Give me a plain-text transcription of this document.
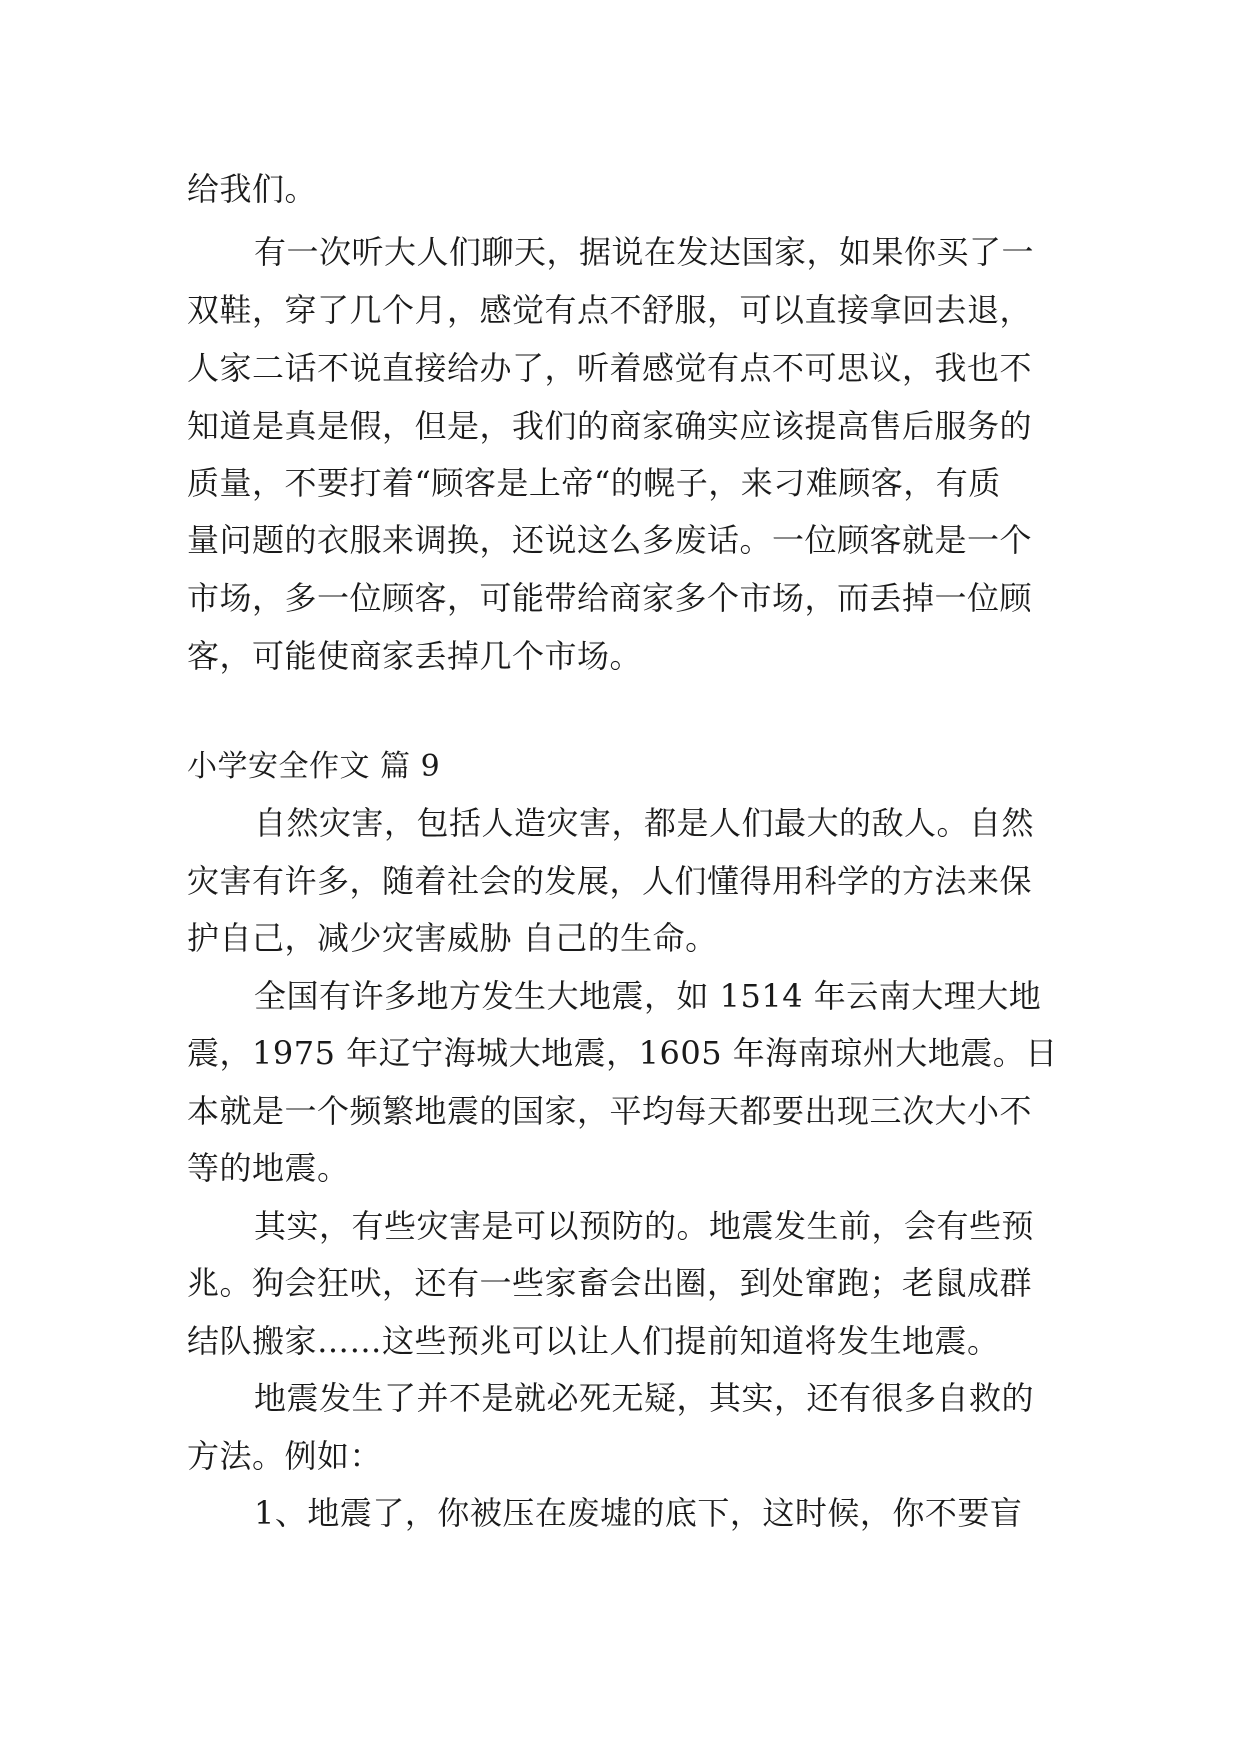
给我们。
有一次听大人们聊天，据说在发达国家，如果你买了一
双鞋，穿了几个月，感觉有点不舒服，可以直接拿回去退，
人家二话不说直接给办了，听着感觉有点不可思议，我也不
知道是真是假，但是，我们的商家确实应该提高售后服务的
质量，不要打着“顾客是上帝“的幌子，来刁难顾客，有质
量问题的衣服来调换，还说这么多废话。一位顾客就是一个
市场，多一位顾客，可能带给商家多个市场，而丢掉一位顾
客，可能使商家丢掉几个市场。
小学安全作文 篇 9
自然灾害，包括人造灾害，都是人们最大的敌人。自然
灾害有许多，随着社会的发展，人们懂得用科学的方法来保
护自己，减少灾害威胁 自己的生命。
全国有许多地方发生大地震，如 1514 年云南大理大地
震，1975 年辽宁海城大地震，1605 年海南琼州大地震。日
本就是一个频繁地震的国家，平均每天都要出现三次大小不
等的地震。
其实，有些灾害是可以预防的。地震发生前，会有些预
兆。狗会狂吠，还有一些家畜会出圈，到处窜跑；老鼠成群
结队搬家……这些预兆可以让人们提前知道将发生地震。
地震发生了并不是就必死无疑，其实，还有很多自救的
方法。例如：
1、地震了，你被压在废墟的底下，这时候，你不要盲
